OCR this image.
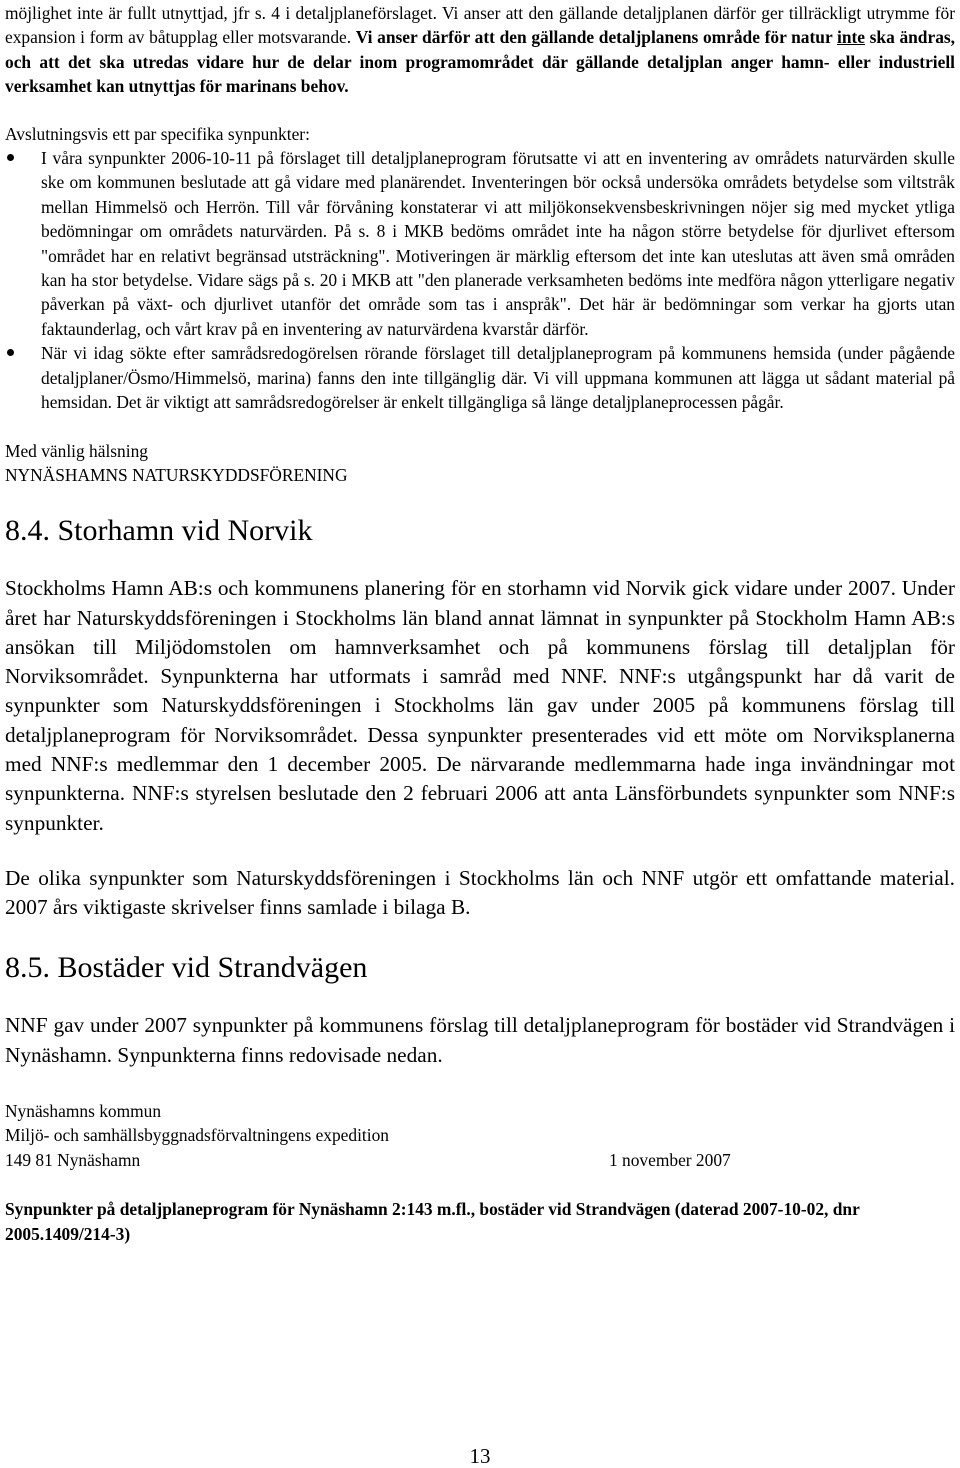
möjlighet inte är fullt utnyttjad, jfr s. 4 i detaljplaneförslaget. Vi anser att den gällande detaljplanen därför ger tillräckligt utrymme för expansion i form av båtupplag eller motsvarande. Vi anser därför att den gällande detaljplanens område för natur inte ska ändras, och att det ska utredas vidare hur de delar inom programområdet där gällande detaljplan anger hamn- eller industriell verksamhet kan utnyttjas för marinans behov.

Avslutningsvis ett par specifika synpunkter:

I våra synpunkter 2006-10-11 på förslaget till detaljplaneprogram förutsatte vi att en inventering av områdets naturvärden skulle ske om kommunen beslutade att gå vidare med planärendet. Inventeringen bör också undersöka områdets betydelse som viltstråk mellan Himmelsö och Herrön. Till vår förvåning konstaterar vi att miljökonsekvensbeskrivningen nöjer sig med mycket ytliga bedömningar om områdets naturvärden. På s. 8 i MKB bedöms området inte ha någon större betydelse för djurlivet eftersom "området har en relativt begränsad utsträckning". Motiveringen är märklig eftersom det inte kan uteslutas att även små områden kan ha stor betydelse. Vidare sägs på s. 20 i MKB att "den planerade verksamheten bedöms inte medföra någon ytterligare negativ påverkan på växt- och djurlivet utanför det område som tas i anspråk". Det här är bedömningar som verkar ha gjorts utan faktaunderlag, och vårt krav på en inventering av naturvärdena kvarstår därför.
När vi idag sökte efter samrådsredogörelsen rörande förslaget till detaljplaneprogram på kommunens hemsida (under pågående detaljplaner/Ösmo/Himmelsö, marina) fanns den inte tillgänglig där. Vi vill uppmana kommunen att lägga ut sådant material på hemsidan. Det är viktigt att samrådsredogörelser är enkelt tillgängliga så länge detaljplaneprocessen pågår.

Med vänlig hälsning

NYNÄSHAMNS NATURSKYDDSFÖRENING

8.4. Storhamn vid Norvik

Stockholms Hamn AB:s och kommunens planering för en storhamn vid Norvik gick vidare under 2007. Under året har Naturskyddsföreningen i Stockholms län bland annat lämnat in synpunkter på Stockholm Hamn AB:s ansökan till Miljödomstolen om hamnverksamhet och på kommunens förslag till detaljplan för Norviksområdet. Synpunkterna har utformats i samråd med NNF. NNF:s utgångspunkt har då varit de synpunkter som Naturskyddsföreningen i Stockholms län gav under 2005 på kommunens förslag till detaljplaneprogram för Norviksområdet. Dessa synpunkter presenterades vid ett möte om Norviksplanerna med NNF:s medlemmar den 1 december 2005. De närvarande medlemmarna hade inga invändningar mot synpunkterna. NNF:s styrelsen beslutade den 2 februari 2006 att anta Länsförbundets synpunkter som NNF:s synpunkter.

De olika synpunkter som Naturskyddsföreningen i Stockholms län och NNF utgör ett omfattande material. 2007 års viktigaste skrivelser finns samlade i bilaga B.

8.5. Bostäder vid Strandvägen

NNF gav under 2007 synpunkter på kommunens förslag till detaljplaneprogram för bostäder vid Strandvägen i Nynäshamn. Synpunkterna finns redovisade nedan.

Nynäshamns kommun

Miljö- och samhällsbyggnadsförvaltningens expedition

149 81 Nynäshamn	1 november 2007

Synpunkter på detaljplaneprogram för Nynäshamn 2:143 m.fl., bostäder vid Strandvägen (daterad 2007-10-02, dnr 2005.1409/214-3)

13
